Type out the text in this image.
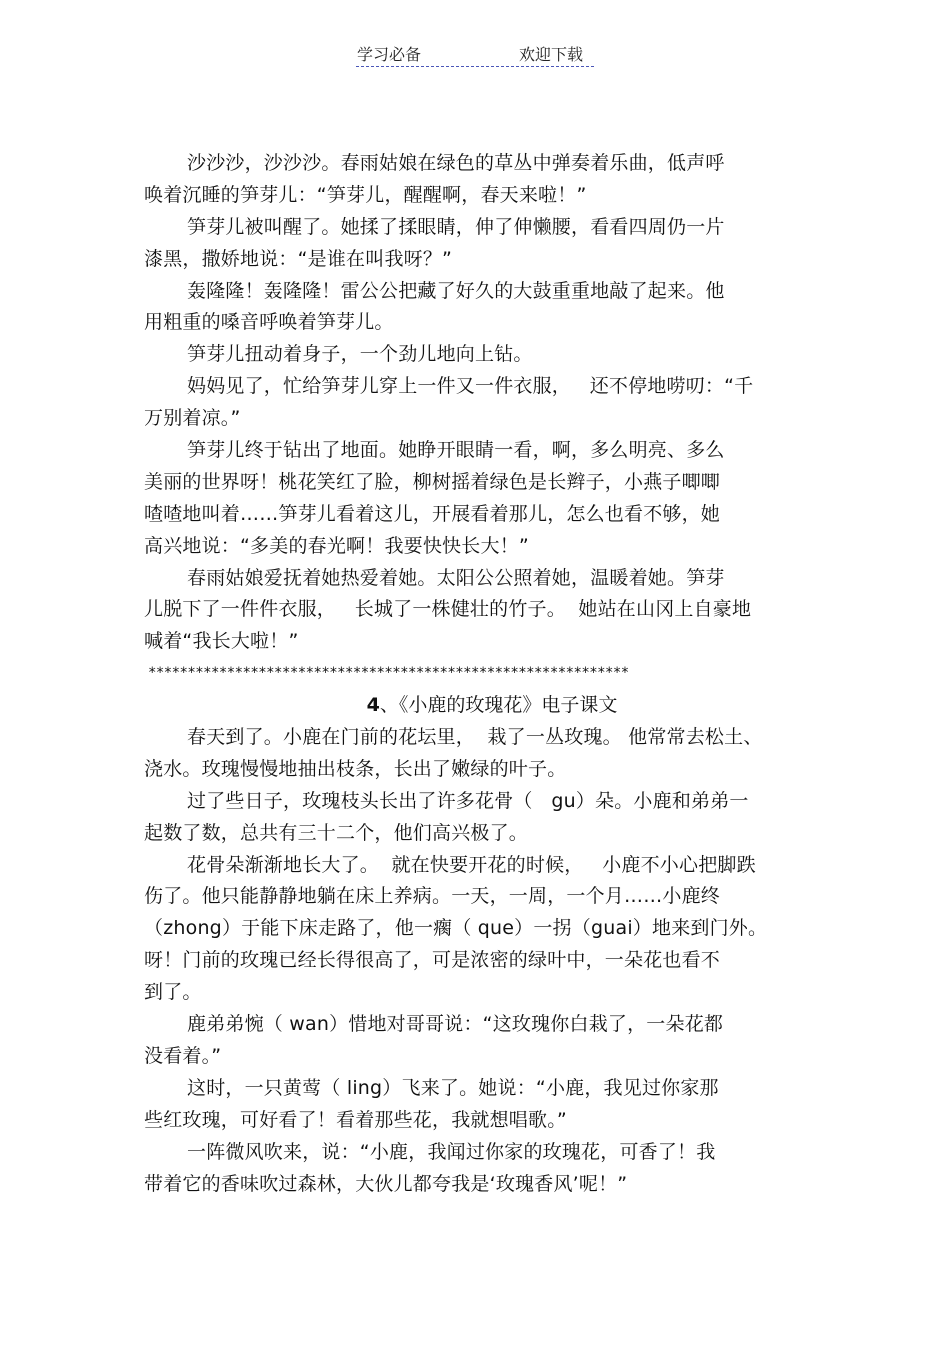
学习必备	欢迎下载
沙沙沙，沙沙沙。春雨姑娘在绿色的草丛中弹奏着乐曲，低声呼
唤着沉睡的笋芽儿：“笋芽儿，醒醒啊，春天来啦！”
笋芽儿被叫醒了。她揉了揉眼睛，伸了伸懒腰，看看四周仍一片
漆黑，撒娇地说：“是谁在叫我呀？”
轰隆隆！轰隆隆！雷公公把藏了好久的大鼓重重地敲了起来。他
用粗重的嗓音呼唤着笋芽儿。
笋芽儿扭动着身子，一个劲儿地向上钻。
妈妈见了，忙给笋芽儿穿上一件又一件衣服，   还不停地唠叨：“千
万别着凉。”
笋芽儿终于钻出了地面。她睁开眼睛一看，啊，多么明亮、多么
美丽的世界呀！桃花笑红了脸，柳树摇着绿色是长辫子，小燕子唧唧
喳喳地叫着……笋芽儿看着这儿，开展看着那儿，怎么也看不够，她
高兴地说：“多美的春光啊！我要快快长大！”
春雨姑娘爱抚着她热爱着她。太阳公公照着她，温暖着她。笋芽
儿脱下了一件件衣服，   长城了一株健壮的竹子。  她站在山冈上自豪地
喊着“我长大啦！”
*************************************************************
4、《小鹿的玫瑰花》电子课文
春天到了。小鹿在门前的花坛里，  栽了一丛玫瑰。 他常常去松土、
浇水。玫瑰慢慢地抽出枝条，长出了嫩绿的叶子。
过了些日子，玫瑰枝头长出了许多花骨（   gu）朵。小鹿和弟弟一
起数了数，总共有三十二个，他们高兴极了。
花骨朵渐渐地长大了。  就在快要开花的时候，   小鹿不小心把脚跌
伤了。他只能静静地躺在床上养病。一天，一周，一个月……小鹿终
（zhong）于能下床走路了，他一瘸（ que）一拐（guai）地来到门外。
呀！门前的玫瑰已经长得很高了，可是浓密的绿叶中，一朵花也看不
到了。
鹿弟弟惋（ wan）惜地对哥哥说：“这玫瑰你白栽了，一朵花都
没看着。”
这时，一只黄莺（ ling）飞来了。她说：“小鹿，我见过你家那
些红玫瑰，可好看了！看着那些花，我就想唱歌。”
一阵微风吹来，说：“小鹿，我闻过你家的玫瑰花，可香了！我
带着它的香味吹过森林，大伙儿都夸我是‘玫瑰香风’呢！”
